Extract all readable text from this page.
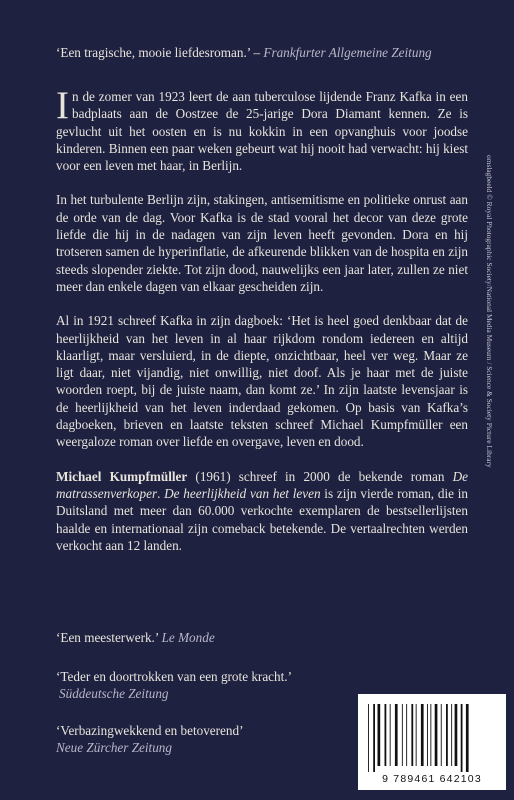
‘Een tragische, mooie liefdesroman.’ – Frankfurter Allgemeine Zeitung

In de zomer van 1923 leert de aan tuberculose lijdende Franz Kafka in een badplaats aan de Oostzee de 25-jarige Dora Diamant kennen. Ze is gevlucht uit het oosten en is nu kokkin in een opvanghuis voor joodse kinderen. Binnen een paar weken gebeurt wat hij nooit had verwacht: hij kiest voor een leven met haar, in Berlijn.

In het turbulente Berlijn zijn, stakingen, antisemitisme en politieke onrust aan de orde van de dag. Voor Kafka is de stad vooral het decor van deze grote liefde die hij in de nadagen van zijn leven heeft gevonden. Dora en hij trotseren samen de hyperinflatie, de afkeurende blikken van de hospita en zijn steeds slopender ziekte. Tot zijn dood, nauwelijks een jaar later, zullen ze niet meer dan enkele dagen van elkaar gescheiden zijn.

Al in 1921 schreef Kafka in zijn dagboek: ‘Het is heel goed denkbaar dat de heerlijkheid van het leven in al haar rijkdom rondom iedereen en altijd klaarligt, maar versluierd, in de diepte, onzichtbaar, heel ver weg. Maar ze ligt daar, niet vijandig, niet onwillig, niet doof. Als je haar met de juiste woorden roept, bij de juiste naam, dan komt ze.’ In zijn laatste levensjaar is de heerlijkheid van het leven inderdaad gekomen. Op basis van Kafka’s dagboeken, brieven en laatste teksten schreef Michael Kumpfmüller een weergaloze roman over liefde en overgave, leven en dood.

Michael Kumpfmüller (1961) schreef in 2000 de bekende roman De matrassenverkoper. De heerlijkheid van het leven is zijn vierde roman, die in Duitsland met meer dan 60.000 verkochte exemplaren de bestsellerlijsten haalde en internationaal zijn comeback betekende. De vertaalrechten werden verkocht aan 12 landen.

‘Een meesterwerk.’ Le Monde
‘Teder en doortrokken van een grote kracht.’
Süddeutsche Zeitung
‘Verbazingwekkend en betoverend’
Neue Zürcher Zeitung
omslagbeeld © Royal Photographic Society/National Media Museum / Science & Society Picture Library
9 789461 642103
